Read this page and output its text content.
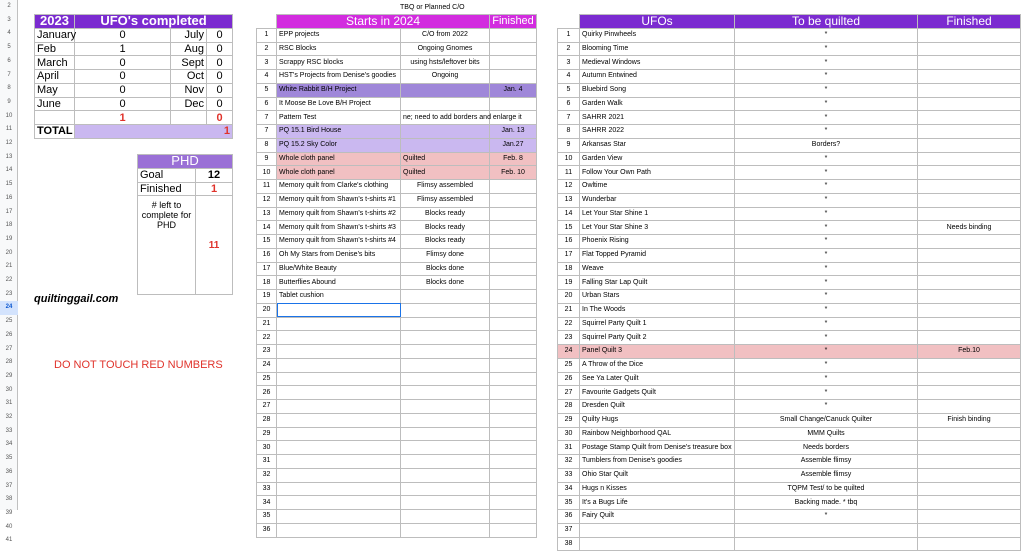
2
3
4
5
6
7
8
9
10
11
12
13
14
15
16
17
18
19
20
21
22
23
24
25
26
27
28
29
30
31
32
33
34
35
36
37
38
39
40
41
2023	UFO's completed		
January	0	July	0
Feb	1	Aug	0
March	0	Sept	0
April	0	Oct	0
May	0	Nov	0
June	0	Dec	0
	1		0
TOTAL	1		
PHD	
Goal	12
Finished	1
# left to complete for PHD	11
quiltinggail.com
DO NOT TOUCH RED NUMBERS
TBQ or Planned C/O
	Starts in 2024		Finished
1	EPP projects	C/O from 2022	
2	RSC Blocks	Ongoing Gnomes	
3	Scrappy RSC blocks	using hsts/leftover bits	
4	HST's Projects from Denise's goodies	Ongoing	
5	White Rabbit B/H Project		Jan. 4
6	It Moose Be Love B/H Project		
7	Pattern Test	ne; need to add borders and enlarge it	
7	PQ 15.1 Bird House		Jan. 13
8	PQ 15.2 Sky Color		Jan.27
9	Whole cloth panel	Quilted	Feb. 8
10	Whole cloth panel	Quilted	Feb. 10
11	Memory quilt from Clarke's clothing	Flimsy assembled	
12	Memory quilt from Shawn's t-shirts #1	Flimsy assembled	
13	Memory quilt from Shawn's t-shirts #2	Blocks ready	
14	Memory quilt from Shawn's t-shirts #3	Blocks ready	
15	Memory quilt from Shawn's t-shirts #4	Blocks ready	
16	Oh My Stars from Denise's bits	Flimsy done	
17	Blue/White Beauty	Blocks done	
18	Butterflies Abound	Blocks done	
19	Tablet cushion		
20			
21			
22			
23			
24			
25			
26			
27			
28			
29			
30			
31			
32			
33			
34			
35			
36			
	UFOs	To be quilted	Finished
1	Quirky Pinwheels	*	
2	Blooming Time	*	
3	Medieval Windows	*	
4	Autumn Entwined	*	
5	Bluebird Song	*	
6	Garden Walk	*	
7	SAHRR 2021	*	
8	SAHRR 2022	*	
9	Arkansas Star	Borders?	
10	Garden View	*	
11	Follow Your Own Path	*	
12	Owltime	*	
13	Wunderbar	*	
14	Let Your Star Shine 1	*	
15	Let Your Star Shine 3	*	Needs binding
16	Phoenix Rising	*	
17	Flat Topped Pyramid	*	
18	Weave	*	
19	Falling Star Lap Quilt	*	
20	Urban Stars	*	
21	In The Woods	*	
22	Squirrel Party Quilt 1	*	
23	Squirrel Party Quilt 2	*	
24	Panel Quilt 3	*	Feb.10
25	A Throw of the Dice	*	
26	See Ya Later Quilt	*	
27	Favourite Gadgets Quilt	*	
28	Dresden Quilt	*	
29	Quilty Hugs	Small Change/Canuck Quilter	Finish binding
30	Rainbow Neighborhood QAL	MMM Quilts	
31	Postage Stamp Quilt from Denise's treasure box	Needs borders	
32	Tumblers from Denise's goodies	Assemble flimsy	
33	Ohio Star Quilt	Assemble flimsy	
34	Hugs n Kisses	TQPM Test/ to be quilted	
35	It's a Bugs Life	Backing made. * tbq	
36	Fairy Quilt	*	
37			
38			
